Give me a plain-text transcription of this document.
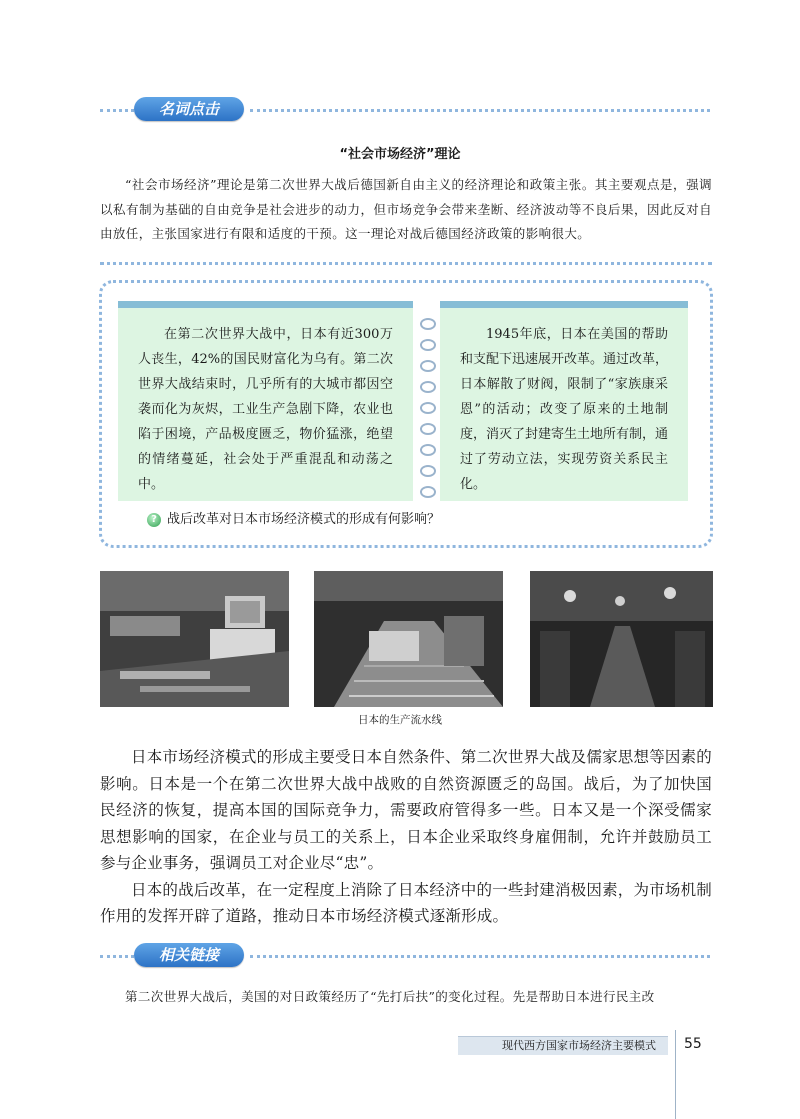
名词点击
“社会市场经济”理论
“社会市场经济”理论是第二次世界大战后德国新自由主义的经济理论和政策主张。其主要观点是，强调以私有制为基础的自由竞争是社会进步的动力，但市场竞争会带来垄断、经济波动等不良后果，因此反对自由放任，主张国家进行有限和适度的干预。这一理论对战后德国经济政策的影响很大。

在第二次世界大战中，日本有近300万人丧生，42%的国民财富化为乌有。第二次世界大战结束时，几乎所有的大城市都因空袭而化为灰烬，工业生产急剧下降，农业也陷于困境，产品极度匮乏，物价猛涨，绝望的情绪蔓延，社会处于严重混乱和动荡之中。

1945年底，日本在美国的帮助和支配下迅速展开改革。通过改革，日本解散了财阀，限制了“家族康采恩”的活动；改变了原来的土地制度，消灭了封建寄生土地所有制，通过了劳动立法，实现劳资关系民主化。

? 战后改革对日本市场经济模式的形成有何影响？
日本的生产流水线

日本市场经济模式的形成主要受日本自然条件、第二次世界大战及儒家思想等因素的影响。日本是一个在第二次世界大战中战败的自然资源匮乏的岛国。战后，为了加快国民经济的恢复，提高本国的国际竞争力，需要政府管得多一些。日本又是一个深受儒家思想影响的国家，在企业与员工的关系上，日本企业采取终身雇佣制，允许并鼓励员工参与企业事务，强调员工对企业尽“忠”。

日本的战后改革，在一定程度上消除了日本经济中的一些封建消极因素，为市场机制作用的发挥开辟了道路，推动日本市场经济模式逐渐形成。

相关链接
第二次世界大战后，美国的对日政策经历了“先打后扶”的变化过程。先是帮助日本进行民主改
现代西方国家市场经济主要模式	55
